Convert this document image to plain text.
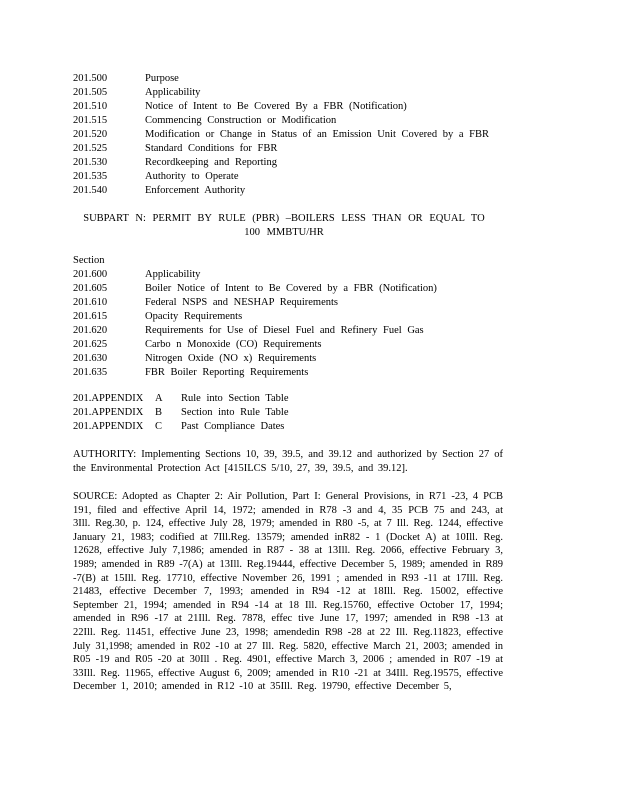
201.500	Purpose
201.505	Applicability
201.510	Notice of Intent to Be Covered By a FBR (Notification)
201.515	Commencing Construction or Modification
201.520	Modification or Change in Status of an Emission Unit Covered by a FBR
201.525	Standard Conditions for FBR
201.530	Recordkeeping and Reporting
201.535	Authority to Operate
201.540	Enforcement Authority
SUBPART N: PERMIT BY RULE (PBR) –BOILERS LESS THAN OR EQUAL TO
100 MMBTU/HR
Section
201.600	Applicability
201.605	Boiler Notice of Intent to Be Covered by a FBR (Notification)
201.610	Federal NSPS and NESHAP Requirements
201.615	Opacity Requirements
201.620	Requirements for Use of Diesel Fuel and Refinery Fuel Gas
201.625	Carbo n Monoxide (CO) Requirements
201.630	Nitrogen Oxide (NO x) Requirements
201.635	FBR Boiler Reporting Requirements
201.APPENDIX A Rule into Section Table
201.APPENDIX B Section into Rule Table
201.APPENDIX C Past Compliance Dates
AUTHORITY: Implementing Sections 10, 39, 39.5, and 39.12 and authorized by Section 27 of the Environmental Protection Act [415ILCS 5/10, 27, 39, 39.5, and 39.12].
SOURCE: Adopted as Chapter 2: Air Pollution, Part I: General Provisions, in R71 -23, 4 PCB 191, filed and effective April 14, 1972; amended in R78 -3 and 4, 35 PCB 75 and 243, at 3Ill. Reg.30, p. 124, effective July 28, 1979; amended in R80 -5, at 7 Ill. Reg. 1244, effective January 21, 1983; codified at 7Ill.Reg. 13579; amended inR82 - 1 (Docket A) at 10Ill. Reg. 12628, effective July 7,1986; amended in R87 - 38 at 13Ill. Reg. 2066, effective February 3, 1989; amended in R89 -7(A) at 13Ill. Reg.19444, effective December 5, 1989; amended in R89 -7(B) at 15Ill. Reg. 17710, effective November 26, 1991 ; amended in R93 -11 at 17Ill. Reg. 21483, effective December 7, 1993; amended in R94 -12 at 18Ill. Reg. 15002, effective September 21, 1994; amended in R94 -14 at 18 Ill. Reg.15760, effective October 17, 1994; amended in R96 -17 at 21Ill. Reg. 7878, effec tive June 17, 1997; amended in R98 -13 at 22Ill. Reg. 11451, effective June 23, 1998; amendedin R98 -28 at 22 Ill. Reg.11823, effective July 31,1998; amended in R02 -10 at 27 Ill. Reg. 5820, effective March 21, 2003; amended in R05 -19 and R05 -20 at 30Ill . Reg. 4901, effective March 3, 2006 ; amended in R07 -19 at 33Ill. Reg. 11965, effective August 6, 2009; amended in R10 -21 at 34Ill. Reg.19575, effective December 1, 2010; amended in R12 -10 at 35Ill. Reg. 19790, effective December 5,
